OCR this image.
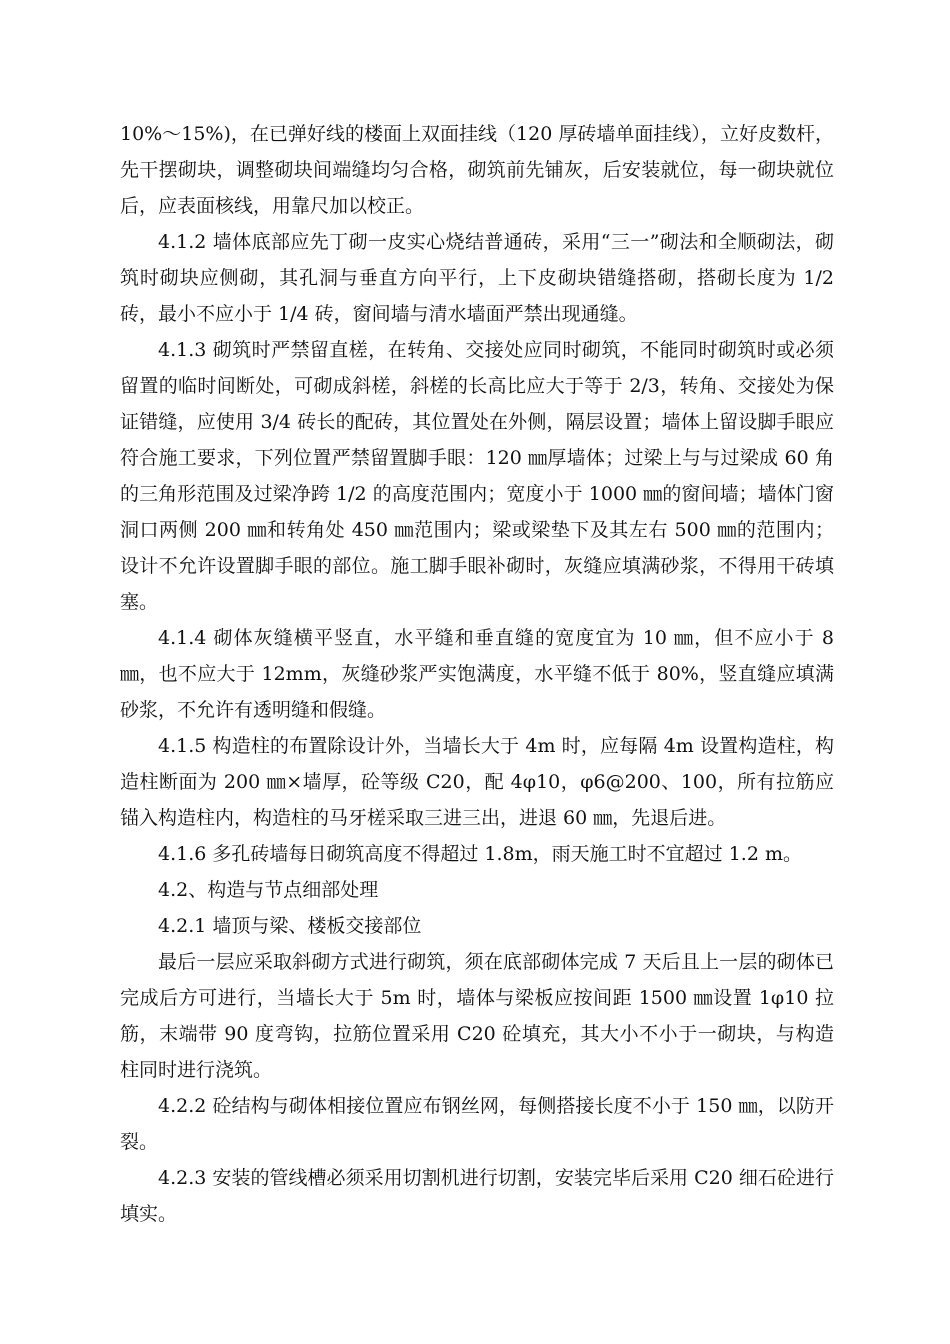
10%～15%)，在已弹好线的楼面上双面挂线（120 厚砖墙单面挂线），立好皮数杆，先干摆砌块，调整砌块间端缝均匀合格，砌筑前先铺灰，后安装就位，每一砌块就位后，应表面核线，用靠尺加以校正。

4.1.2 墙体底部应先丁砌一皮实心烧结普通砖，采用“三一”砌法和全顺砌法，砌筑时砌块应侧砌，其孔洞与垂直方向平行，上下皮砌块错缝搭砌，搭砌长度为 1/2 砖，最小不应小于 1/4 砖，窗间墙与清水墙面严禁出现通缝。

4.1.3 砌筑时严禁留直槎，在转角、交接处应同时砌筑，不能同时砌筑时或必须留置的临时间断处，可砌成斜槎，斜槎的长高比应大于等于 2/3，转角、交接处为保证错缝，应使用 3/4 砖长的配砖，其位置处在外侧，隔层设置；墙体上留设脚手眼应符合施工要求，下列位置严禁留置脚手眼：120 ㎜厚墙体；过梁上与与过梁成 60 角的三角形范围及过梁净跨 1/2 的高度范围内；宽度小于 1000 ㎜的窗间墙；墙体门窗洞口两侧 200 ㎜和转角处 450 ㎜范围内；梁或梁垫下及其左右 500 ㎜的范围内；设计不允许设置脚手眼的部位。施工脚手眼补砌时，灰缝应填满砂浆，不得用干砖填塞。

4.1.4 砌体灰缝横平竖直，水平缝和垂直缝的宽度宜为 10 ㎜，但不应小于 8 ㎜，也不应大于 12mm，灰缝砂浆严实饱满度，水平缝不低于 80%，竖直缝应填满砂浆，不允许有透明缝和假缝。

4.1.5 构造柱的布置除设计外，当墙长大于 4m 时，应每隔 4m 设置构造柱，构造柱断面为 200 ㎜×墙厚，砼等级 C20，配 4φ10，φ6@200、100，所有拉筋应锚入构造柱内，构造柱的马牙槎采取三进三出，进退 60 ㎜，先退后进。

4.1.6 多孔砖墙每日砌筑高度不得超过 1.8m，雨天施工时不宜超过 1.2 m。

4.2、构造与节点细部处理

4.2.1 墙顶与梁、楼板交接部位

最后一层应采取斜砌方式进行砌筑，须在底部砌体完成 7 天后且上一层的砌体已完成后方可进行，当墙长大于 5m 时，墙体与梁板应按间距 1500 ㎜设置 1φ10 拉筋，末端带 90 度弯钩，拉筋位置采用 C20 砼填充，其大小不小于一砌块，与构造柱同时进行浇筑。

4.2.2 砼结构与砌体相接位置应布钢丝网，每侧搭接长度不小于 150 ㎜，以防开裂。

4.2.3 安装的管线槽必须采用切割机进行切割，安装完毕后采用 C20 细石砼进行填实。
